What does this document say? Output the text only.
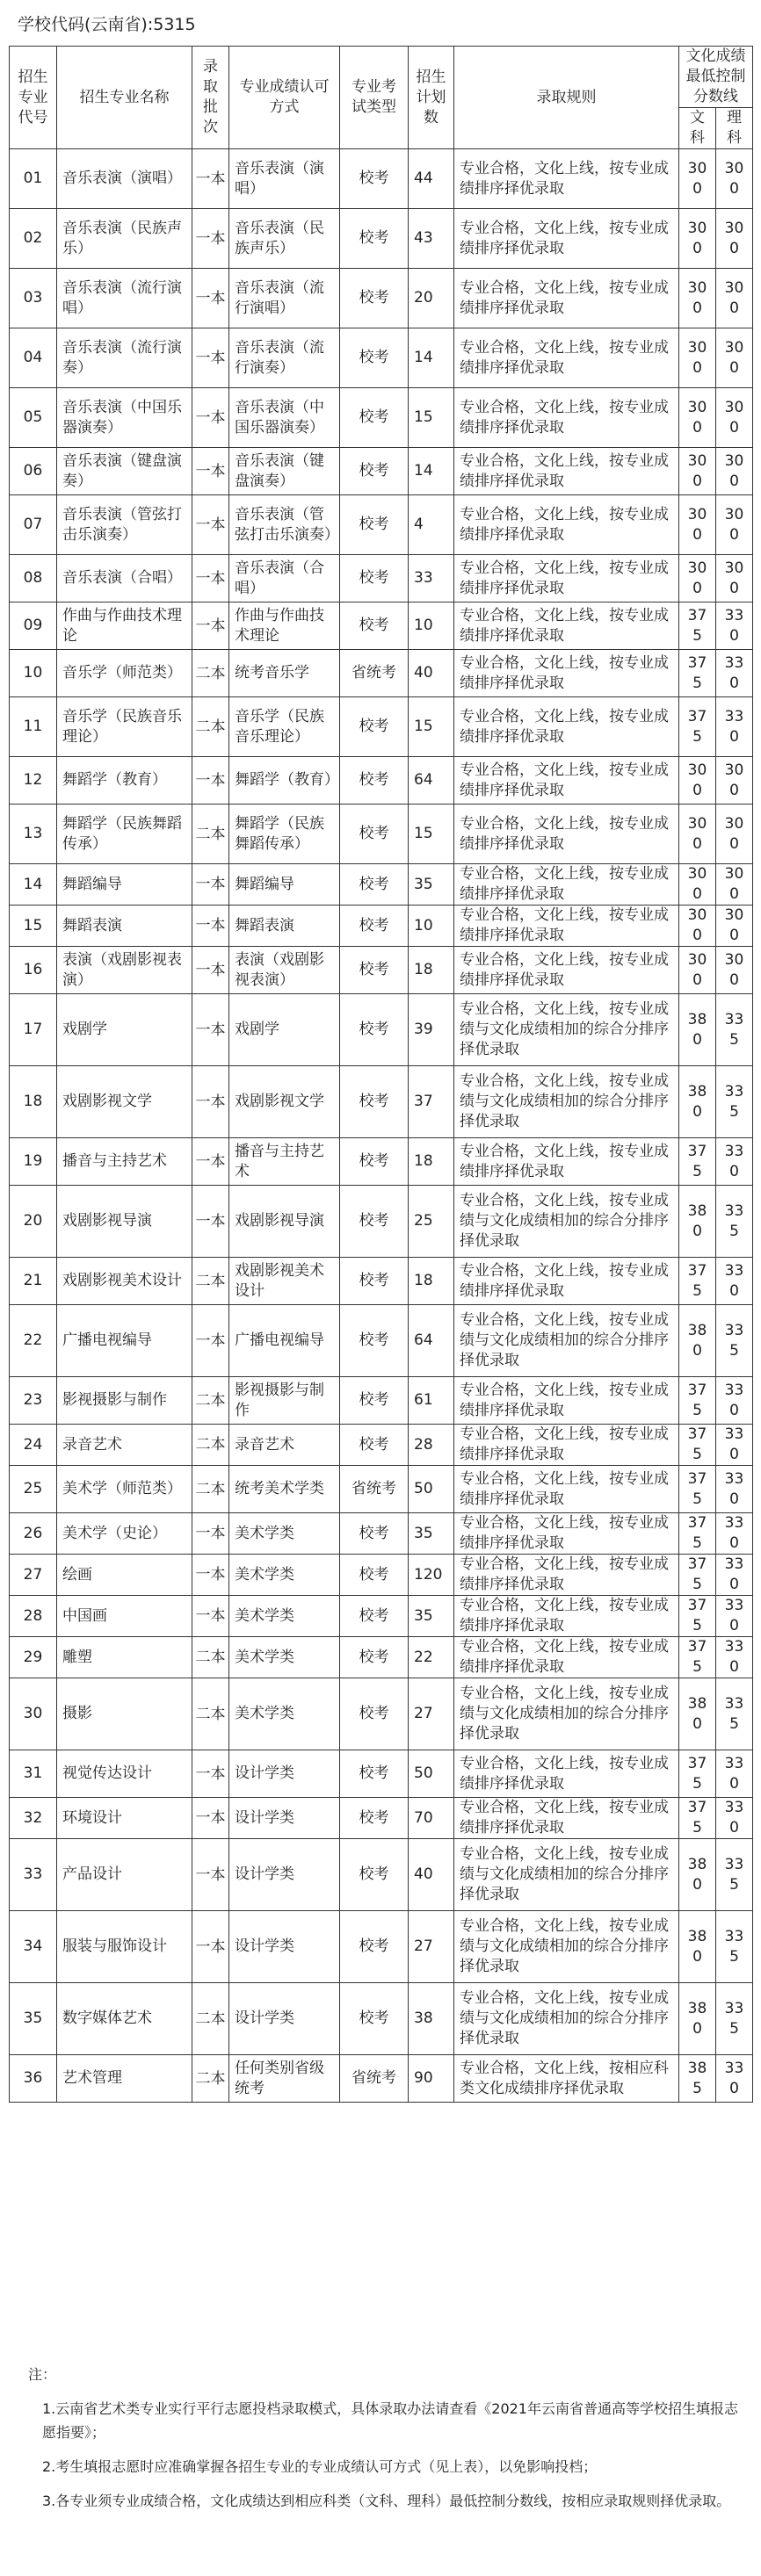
学校代码(云南省):5315
招生专业代号	招生专业名称	录取批次	专业成绩认可方式	专业考试类型	招生计划数	录取规则	文化成绩最低控制分数线	
							文科	理科
01	音乐表演（演唱）	一本	音乐表演（演唱）	校考	44	专业合格，文化上线，按专业成绩排序择优录取	300	300
02	音乐表演（民族声乐）	一本	音乐表演（民族声乐）	校考	43	专业合格，文化上线，按专业成绩排序择优录取	300	300
03	音乐表演（流行演唱）	一本	音乐表演（流行演唱）	校考	20	专业合格，文化上线，按专业成绩排序择优录取	300	300
04	音乐表演（流行演奏）	一本	音乐表演（流行演奏）	校考	14	专业合格，文化上线，按专业成绩排序择优录取	300	300
05	音乐表演（中国乐器演奏）	一本	音乐表演（中国乐器演奏）	校考	15	专业合格，文化上线，按专业成绩排序择优录取	300	300
06	音乐表演（键盘演奏）	一本	音乐表演（键盘演奏）	校考	14	专业合格，文化上线，按专业成绩排序择优录取	300	300
07	音乐表演（管弦打击乐演奏）	一本	音乐表演（管弦打击乐演奏）	校考	4	专业合格，文化上线，按专业成绩排序择优录取	300	300
08	音乐表演（合唱）	一本	音乐表演（合唱）	校考	33	专业合格，文化上线，按专业成绩排序择优录取	300	300
09	作曲与作曲技术理论	一本	作曲与作曲技术理论	校考	10	专业合格，文化上线，按专业成绩排序择优录取	375	330
10	音乐学（师范类）	二本	统考音乐学	省统考	40	专业合格，文化上线，按专业成绩排序择优录取	375	330
11	音乐学（民族音乐理论）	二本	音乐学（民族音乐理论）	校考	15	专业合格，文化上线，按专业成绩排序择优录取	375	330
12	舞蹈学（教育）	一本	舞蹈学（教育）	校考	64	专业合格，文化上线，按专业成绩排序择优录取	300	300
13	舞蹈学（民族舞蹈传承）	二本	舞蹈学（民族舞蹈传承）	校考	15	专业合格，文化上线，按专业成绩排序择优录取	300	300
14	舞蹈编导	一本	舞蹈编导	校考	35	专业合格，文化上线，按专业成绩排序择优录取	300	300
15	舞蹈表演	一本	舞蹈表演	校考	10	专业合格，文化上线，按专业成绩排序择优录取	300	300
16	表演（戏剧影视表演）	一本	表演（戏剧影视表演）	校考	18	专业合格，文化上线，按专业成绩排序择优录取	300	300
17	戏剧学	一本	戏剧学	校考	39	专业合格，文化上线，按专业成绩与文化成绩相加的综合分排序择优录取	380	335
18	戏剧影视文学	一本	戏剧影视文学	校考	37	专业合格，文化上线，按专业成绩与文化成绩相加的综合分排序择优录取	380	335
19	播音与主持艺术	一本	播音与主持艺术	校考	18	专业合格，文化上线，按专业成绩排序择优录取	375	330
20	戏剧影视导演	一本	戏剧影视导演	校考	25	专业合格，文化上线，按专业成绩与文化成绩相加的综合分排序择优录取	380	335
21	戏剧影视美术设计	二本	戏剧影视美术设计	校考	18	专业合格，文化上线，按专业成绩排序择优录取	375	330
22	广播电视编导	一本	广播电视编导	校考	64	专业合格，文化上线，按专业成绩与文化成绩相加的综合分排序择优录取	380	335
23	影视摄影与制作	二本	影视摄影与制作	校考	61	专业合格，文化上线，按专业成绩排序择优录取	375	330
24	录音艺术	二本	录音艺术	校考	28	专业合格，文化上线，按专业成绩排序择优录取	375	330
25	美术学（师范类）	二本	统考美术学类	省统考	50	专业合格，文化上线，按专业成绩排序择优录取	375	330
26	美术学（史论）	一本	美术学类	校考	35	专业合格，文化上线，按专业成绩排序择优录取	375	330
27	绘画	一本	美术学类	校考	120	专业合格，文化上线，按专业成绩排序择优录取	375	330
28	中国画	一本	美术学类	校考	35	专业合格，文化上线，按专业成绩排序择优录取	375	330
29	雕塑	二本	美术学类	校考	22	专业合格，文化上线，按专业成绩排序择优录取	375	330
30	摄影	二本	美术学类	校考	27	专业合格，文化上线，按专业成绩与文化成绩相加的综合分排序择优录取	380	335
31	视觉传达设计	一本	设计学类	校考	50	专业合格，文化上线，按专业成绩排序择优录取	375	330
32	环境设计	一本	设计学类	校考	70	专业合格，文化上线，按专业成绩排序择优录取	375	330
33	产品设计	一本	设计学类	校考	40	专业合格，文化上线，按专业成绩与文化成绩相加的综合分排序择优录取	380	335
34	服装与服饰设计	一本	设计学类	校考	27	专业合格，文化上线，按专业成绩与文化成绩相加的综合分排序择优录取	380	335
35	数字媒体艺术	二本	设计学类	校考	38	专业合格，文化上线，按专业成绩与文化成绩相加的综合分排序择优录取	380	335
36	艺术管理	二本	任何类别省级统考	省统考	90	专业合格，文化上线，按相应科类文化成绩排序择优录取	385	330

注：

1.云南省艺术类专业实行平行志愿投档录取模式，具体录取办法请查看《2021年云南省普通高等学校招生填报志愿指要》；

2.考生填报志愿时应准确掌握各招生专业的专业成绩认可方式（见上表），以免影响投档；

3.各专业须专业成绩合格，文化成绩达到相应科类（文科、理科）最低控制分数线，按相应录取规则择优录取。
